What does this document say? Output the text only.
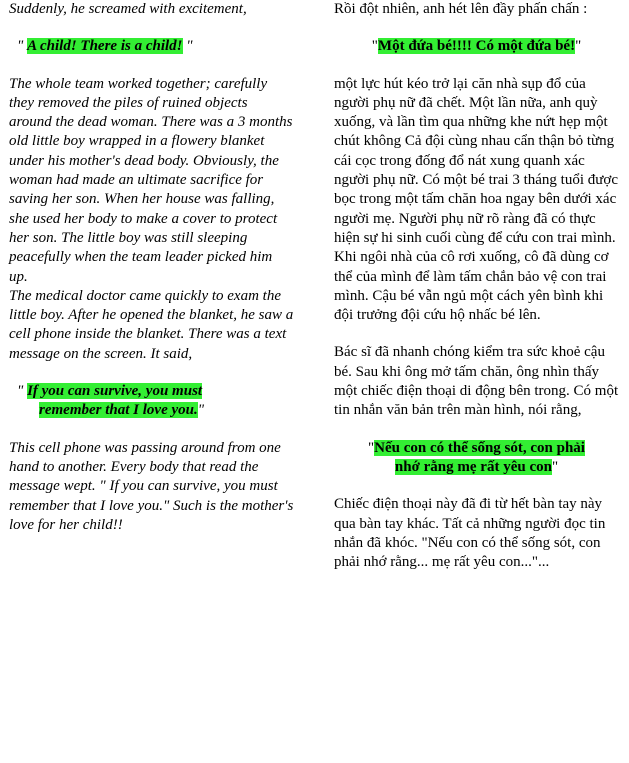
Suddenly, he screamed with excitement,

" A child! There is a child! "

The whole team worked together; carefully they removed the piles of ruined objects around the dead woman. There was a 3 months old little boy wrapped in a flowery blanket under his mother's dead body. Obviously, the woman had made an ultimate sacrifice for saving her son. When her house was falling, she used her body to make a cover to protect her son. The little boy was still sleeping peacefully when the team leader picked him up.

The medical doctor came quickly to exam the little boy. After he opened the blanket, he saw a cell phone inside the blanket. There was a text message on the screen. It said,

" If you can survive, you must
remember that I love you."

This cell phone was passing around from one hand to another. Every body that read the message wept. " If you can survive, you must remember that I love you." Such is the mother's love for her child!!

Rồi đột nhiên, anh hét lên đầy phấn chấn :

"Một đứa bé!!!! Có một đứa bé!"

một lực hút kéo trở lại căn nhà sụp đổ của người phụ nữ đã chết. Một lần nữa, anh quỳ xuống, và lần tìm qua những khe nứt hẹp một chút không Cả đội cùng nhau cẩn thận bỏ từng cái cọc trong đống đổ nát xung quanh xác người phụ nữ. Có một bé trai 3 tháng tuổi được bọc trong một tấm chăn hoa ngay bên dưới xác người mẹ. Người phụ nữ rõ ràng đã có thực hiện sự hi sinh cuối cùng để cứu con trai mình. Khi ngôi nhà của cô rơi xuống, cô đã dùng cơ thể của mình để làm tấm chắn bảo vệ con trai mình. Cậu bé vẫn ngủ một cách yên bình khi đội trưởng đội cứu hộ nhấc bé lên.

Bác sĩ đã nhanh chóng kiểm tra sức khoẻ cậu bé. Sau khi ông mở tấm chăn, ông nhìn thấy một chiếc điện thoại di động bên trong. Có một tin nhắn văn bản trên màn hình, nói rằng,

"Nếu con có thể sống sót, con phải
nhớ rằng mẹ rất yêu con"

Chiếc điện thoại này đã đi từ hết bàn tay này qua bàn tay khác. Tất cả những người đọc tin nhắn đã khóc. "Nếu con có thể sống sót, con phải nhớ rằng... mẹ rất yêu con..."...
